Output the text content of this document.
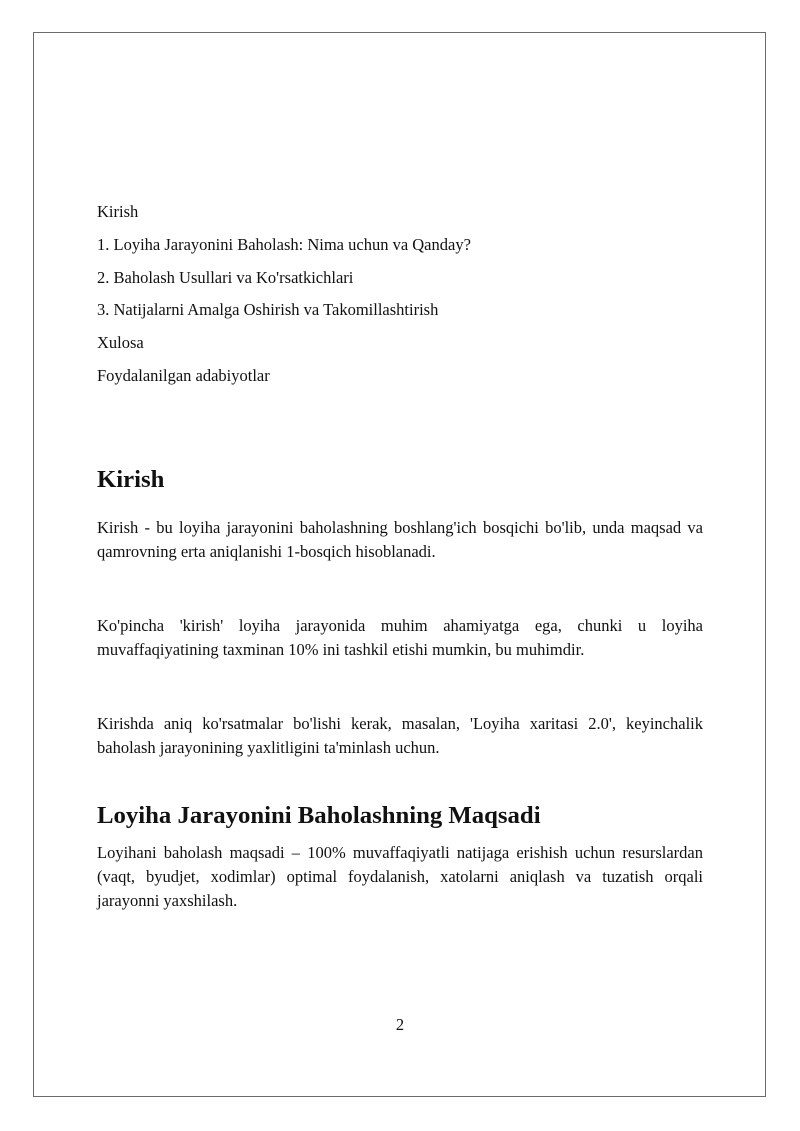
Kirish
1. Loyiha Jarayonini Baholash: Nima uchun va Qanday?
2. Baholash Usullari va Ko'rsatkichlari
3. Natijalarni Amalga Oshirish va Takomillashtirish
Xulosa
Foydalanilgan adabiyotlar
Kirish

Kirish - bu loyiha jarayonini baholashning boshlang'ich bosqichi bo'lib, unda maqsad va qamrovning erta aniqlanishi 1-bosqich hisoblanadi.

Ko'pincha 'kirish' loyiha jarayonida muhim ahamiyatga ega, chunki u loyiha muvaffaqiyatining taxminan 10% ini tashkil etishi mumkin, bu muhimdir.

Kirishda aniq ko'rsatmalar bo'lishi kerak, masalan, 'Loyiha xaritasi 2.0', keyinchalik baholash jarayonining yaxlitligini ta'minlash uchun.

Loyiha Jarayonini Baholashning Maqsadi

Loyihani baholash maqsadi – 100% muvaffaqiyatli natijaga erishish uchun resurslardan (vaqt, byudjet, xodimlar) optimal foydalanish, xatolarni aniqlash va tuzatish orqali jarayonni yaxshilash.

2
